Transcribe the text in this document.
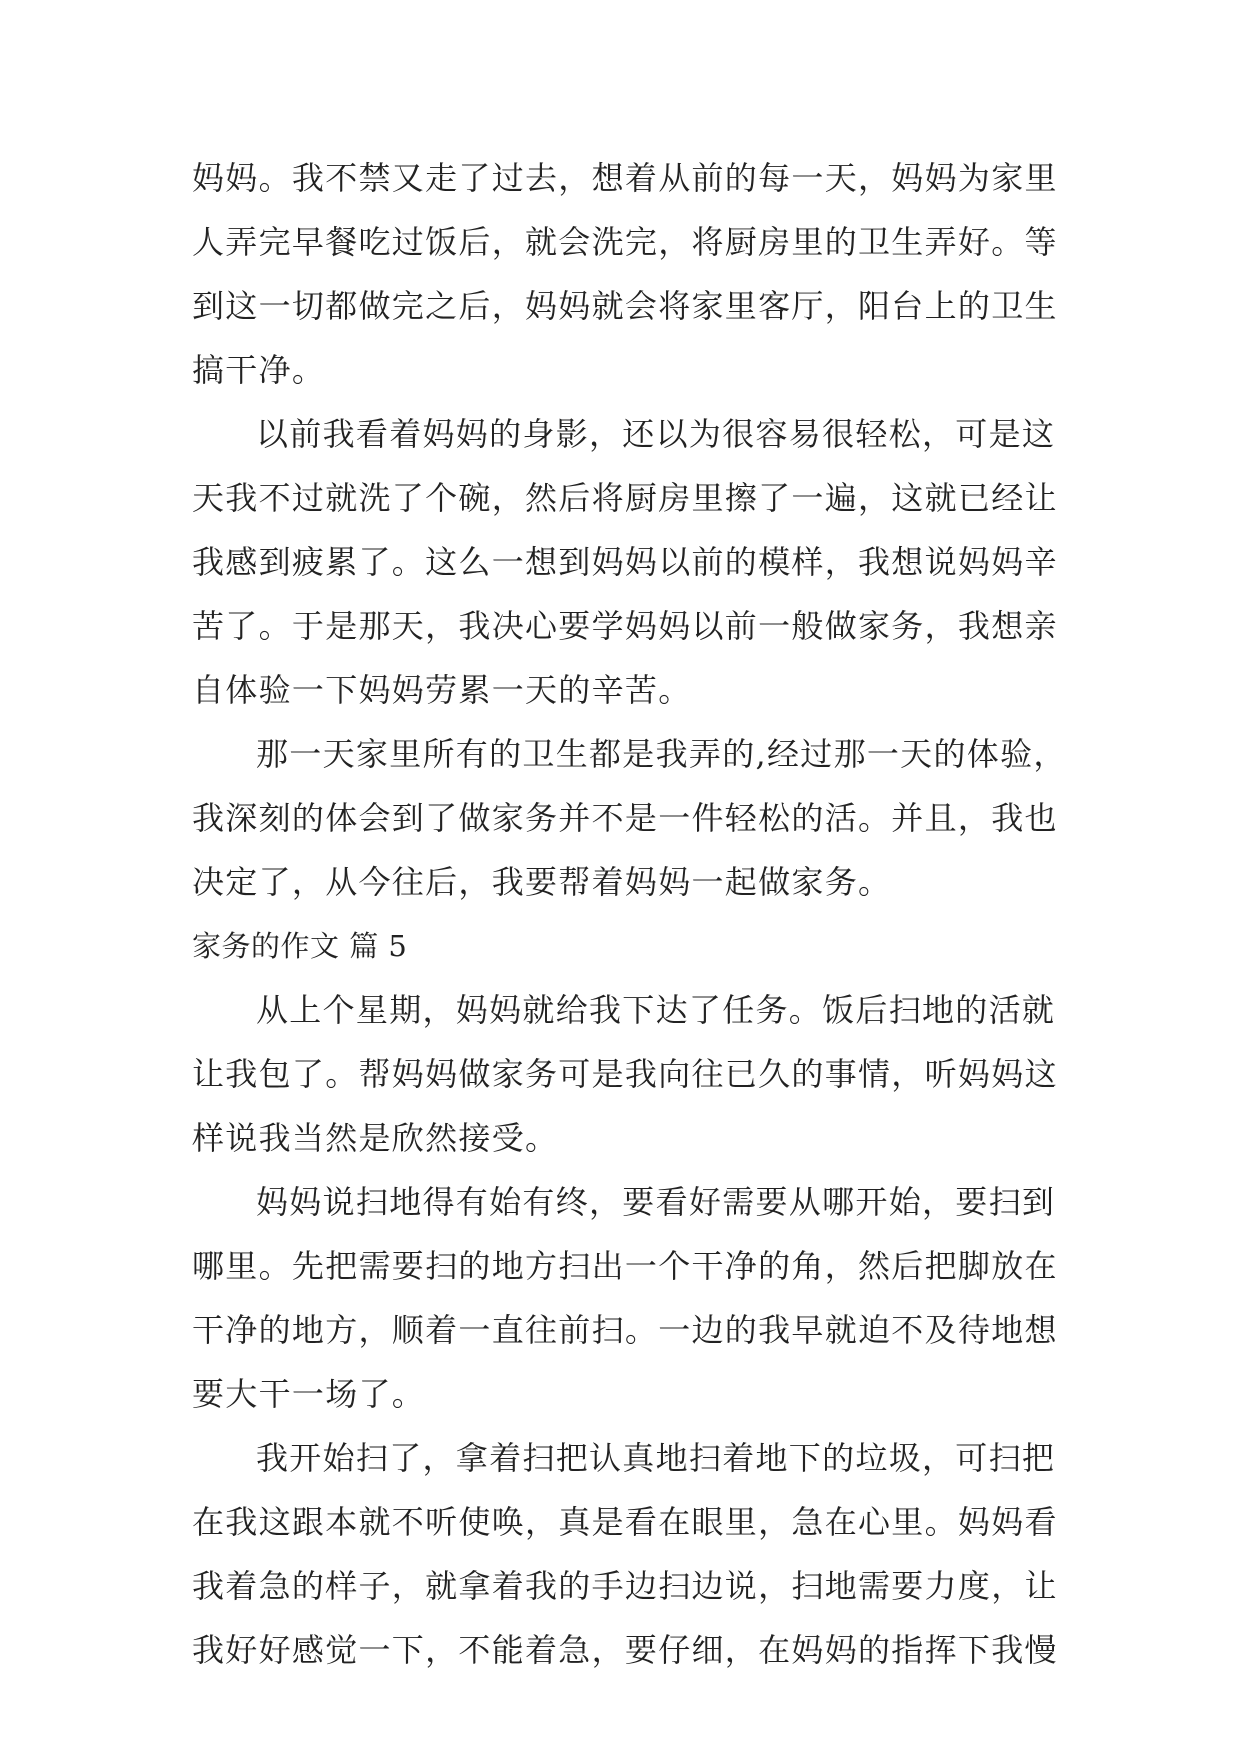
妈妈。我不禁又走了过去，想着从前的每一天，妈妈为家里
人弄完早餐吃过饭后，就会洗完，将厨房里的卫生弄好。等
到这一切都做完之后，妈妈就会将家里客厅，阳台上的卫生
搞干净。
以前我看着妈妈的身影，还以为很容易很轻松，可是这
天我不过就洗了个碗，然后将厨房里擦了一遍，这就已经让
我感到疲累了。这么一想到妈妈以前的模样，我想说妈妈辛
苦了。于是那天，我决心要学妈妈以前一般做家务，我想亲
自体验一下妈妈劳累一天的辛苦。
那一天家里所有的卫生都是我弄的,经过那一天的体验，
我深刻的体会到了做家务并不是一件轻松的活。并且，我也
决定了，从今往后，我要帮着妈妈一起做家务。
家务的作文 篇 5
从上个星期，妈妈就给我下达了任务。饭后扫地的活就
让我包了。帮妈妈做家务可是我向往已久的事情，听妈妈这
样说我当然是欣然接受。
妈妈说扫地得有始有终，要看好需要从哪开始，要扫到
哪里。先把需要扫的地方扫出一个干净的角，然后把脚放在
干净的地方，顺着一直往前扫。一边的我早就迫不及待地想
要大干一场了。
我开始扫了，拿着扫把认真地扫着地下的垃圾，可扫把
在我这跟本就不听使唤，真是看在眼里，急在心里。妈妈看
我着急的样子，就拿着我的手边扫边说，扫地需要力度，让
我好好感觉一下，不能着急，要仔细，在妈妈的指挥下我慢
